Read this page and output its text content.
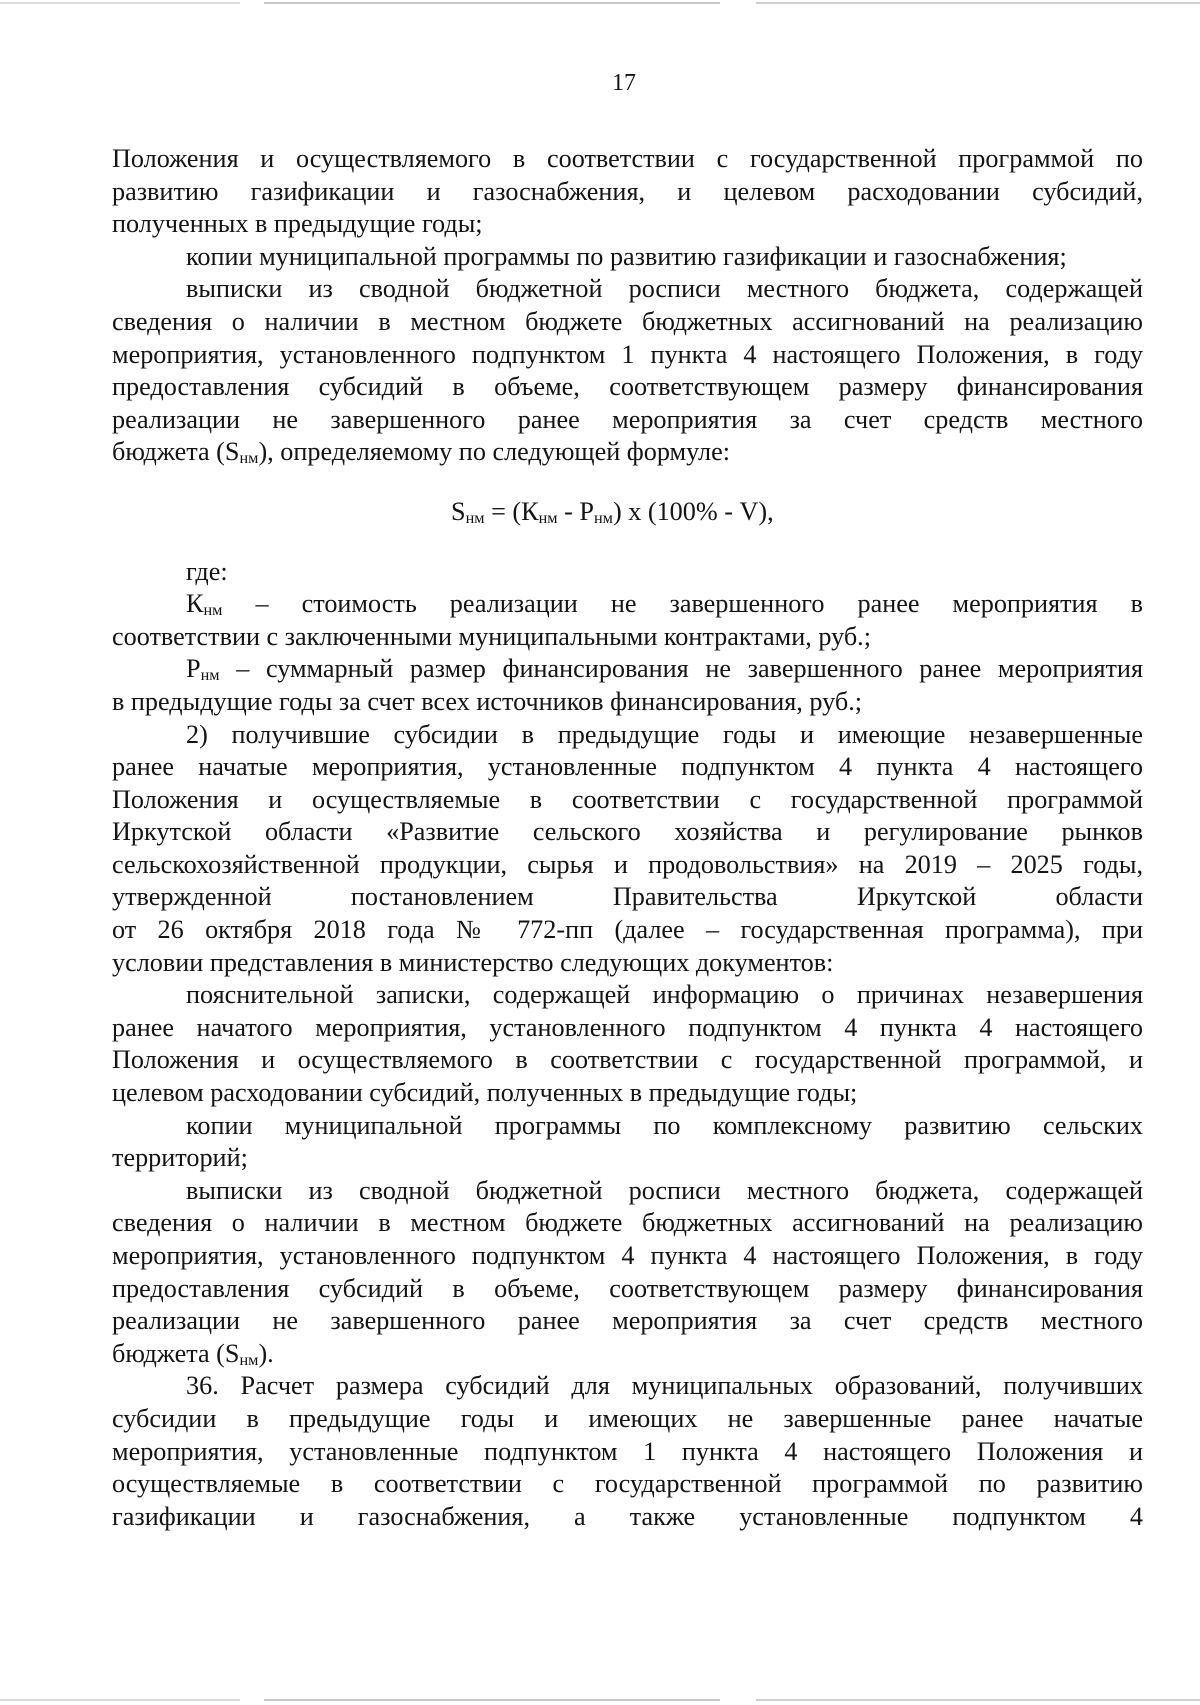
17

Положения и осуществляемого в соответствии с государственной программой по

развитию газификации и газоснабжения, и целевом расходовании субсидий,

полученных в предыдущие годы;

копии муниципальной программы по развитию газификации и газоснабжения;

выписки из сводной бюджетной росписи местного бюджета, содержащей

сведения о наличии в местном бюджете бюджетных ассигнований на реализацию

мероприятия, установленного подпунктом 1 пункта 4 настоящего Положения, в году

предоставления субсидий в объеме, соответствующем размеру финансирования

реализации не завершенного ранее мероприятия за счет средств местного

бюджета $(S_{нм})$, определяемому по следующей формуле:

$S_{нм} = (К_{нм} - Р_{нм})$ х (100% - V),

где:

$К_{нм}$ – стоимость реализации не завершенного ранее мероприятия в

соответствии с заключенными муниципальными контрактами, руб.;

$Р_{нм}$ – суммарный размер финансирования не завершенного ранее мероприятия

в предыдущие годы за счет всех источников финансирования, руб.;

2) получившие субсидии в предыдущие годы и имеющие незавершенные

ранее начатые мероприятия, установленные подпунктом 4 пункта 4 настоящего

Положения и осуществляемые в соответствии с государственной программой

Иркутской области «Развитие сельского хозяйства и регулирование рынков

сельскохозяйственной продукции, сырья и продовольствия» на 2019 – 2025 годы,

утвержденной постановлением Правительства Иркутской области

от 26 октября 2018 года № 772-пп (далее – государственная программа), при

условии представления в министерство следующих документов:

пояснительной записки, содержащей информацию о причинах незавершения

ранее начатого мероприятия, установленного подпунктом 4 пункта 4 настоящего

Положения и осуществляемого в соответствии с государственной программой, и

целевом расходовании субсидий, полученных в предыдущие годы;

копии муниципальной программы по комплексному развитию сельских

территорий;

выписки из сводной бюджетной росписи местного бюджета, содержащей

сведения о наличии в местном бюджете бюджетных ассигнований на реализацию

мероприятия, установленного подпунктом 4 пункта 4 настоящего Положения, в году

предоставления субсидий в объеме, соответствующем размеру финансирования

реализации не завершенного ранее мероприятия за счет средств местного

бюджета $(S_{нм})$.

36. Расчет размера субсидий для муниципальных образований, получивших

субсидии в предыдущие годы и имеющих не завершенные ранее начатые

мероприятия, установленные подпунктом 1 пункта 4 настоящего Положения и

осуществляемые в соответствии с государственной программой по развитию

газификации и газоснабжения, а также установленные подпунктом 4
